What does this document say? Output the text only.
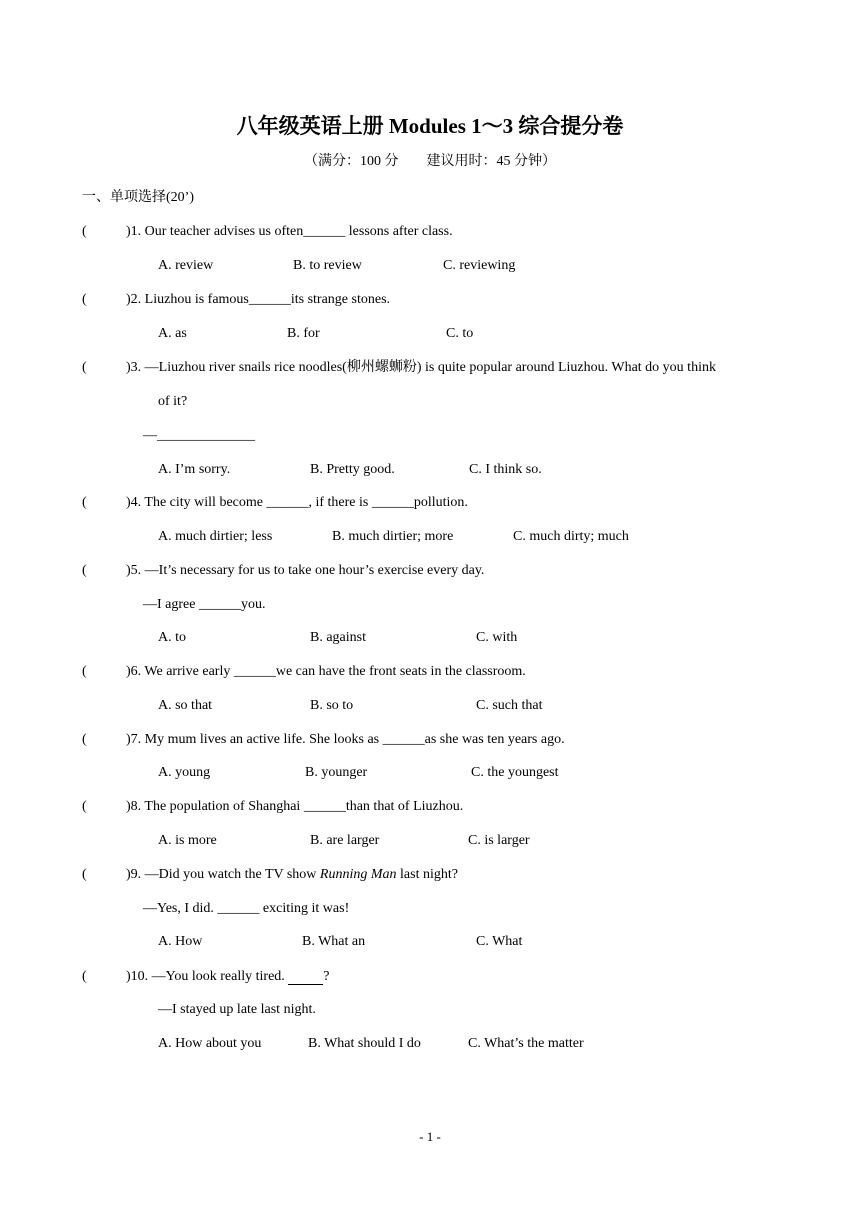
八年级英语上册 Modules 1～3 综合提分卷
（满分：100 分　　建议用时：45 分钟）
一、单项选择(20’)
(	)1. Our teacher advises us often______ lessons after class.
A. review	B. to review	C. reviewing
(	)2. Liuzhou is famous______its strange stones.
A. as	B. for	C. to
(	)3. —Liuzhou river snails rice noodles(柳州螺蛳粉) is quite popular around Liuzhou. What do you think
of it?
—______________
A. I’m sorry.	B. Pretty good.	C. I think so.
(	)4. The city will become ______, if there is ______pollution.
A. much dirtier; less	B. much dirtier; more	C. much dirty; much
(	)5. —It’s necessary for us to take one hour’s exercise every day.
—I agree ______you.
A. to	B. against	C. with
(	)6. We arrive early ______we can have the front seats in the classroom.
A. so that	B. so to	C. such that
(	)7. My mum lives an active life. She looks as ______as she was ten years ago.
A. young	B. younger	C. the youngest
(	)8. The population of Shanghai ______than that of Liuzhou.
A. is more	B. are larger	C. is larger
(	)9. —Did you watch the TV show Running Man last night?
—Yes, I did. ______ exciting it was!
A. How	B. What an	C. What
(	)10. —You look really tired.	?
—I stayed up late last night.
A. How about you	B. What should I do	C. What’s the matter
- 1 -
